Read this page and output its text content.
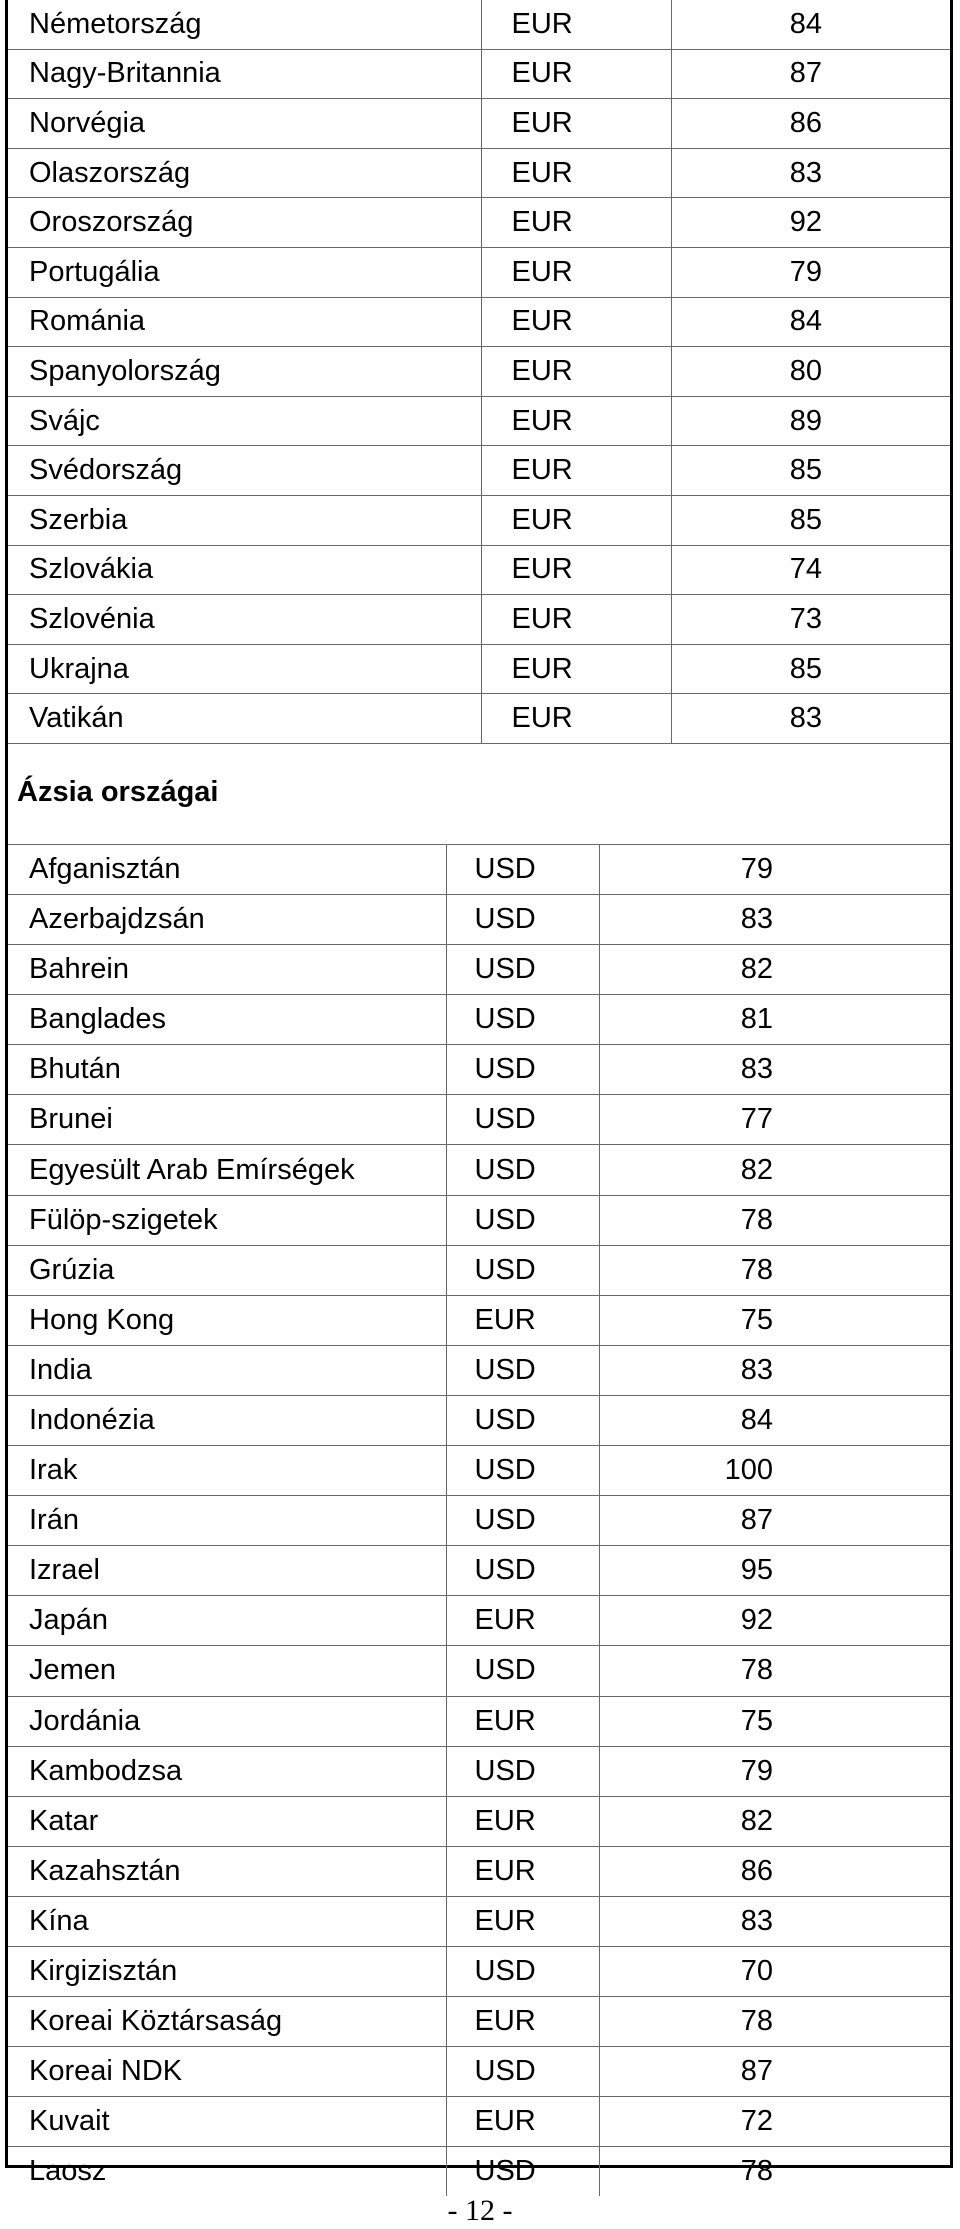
Németország	EUR	84
Nagy-Britannia	EUR	87
Norvégia	EUR	86
Olaszország	EUR	83
Oroszország	EUR	92
Portugália	EUR	79
Románia	EUR	84
Spanyolország	EUR	80
Svájc	EUR	89
Svédország	EUR	85
Szerbia	EUR	85
Szlovákia	EUR	74
Szlovénia	EUR	73
Ukrajna	EUR	85
Vatikán	EUR	83
Ázsia országai
Afganisztán	USD	79
Azerbajdzsán	USD	83
Bahrein	USD	82
Banglades	USD	81
Bhután	USD	83
Brunei	USD	77
Egyesült Arab Emírségek	USD	82
Fülöp-szigetek	USD	78
Grúzia	USD	78
Hong Kong	EUR	75
India	USD	83
Indonézia	USD	84
Irak	USD	100
Irán	USD	87
Izrael	USD	95
Japán	EUR	92
Jemen	USD	78
Jordánia	EUR	75
Kambodzsa	USD	79
Katar	EUR	82
Kazahsztán	EUR	86
Kína	EUR	83
Kirgizisztán	USD	70
Koreai Köztársaság	EUR	78
Koreai NDK	USD	87
Kuvait	EUR	72
Laosz	USD	78
- 12 -
